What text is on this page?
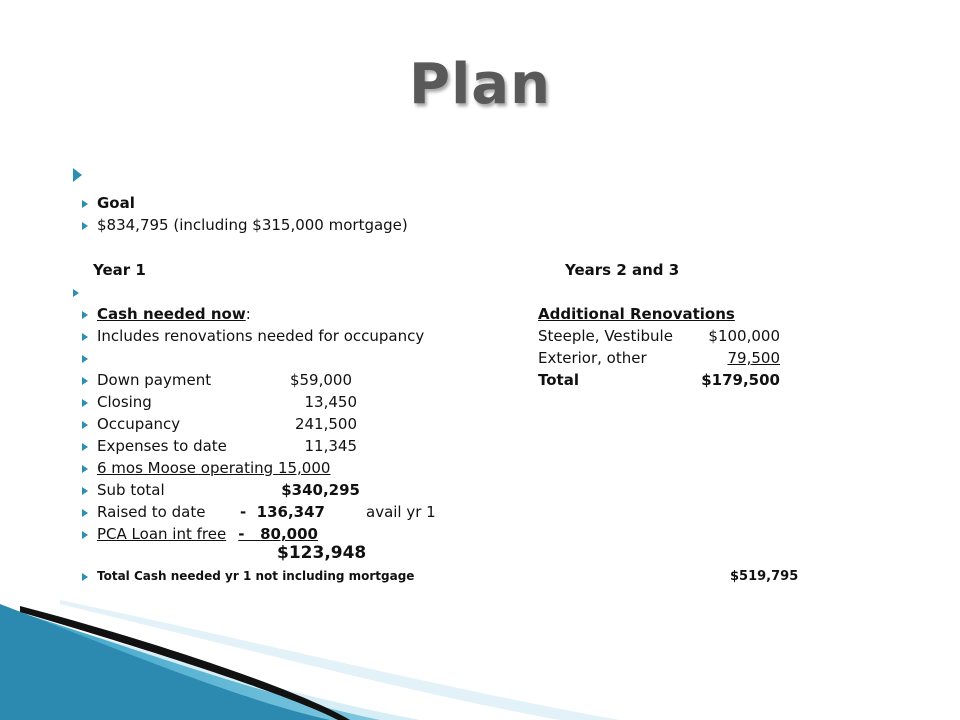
Plan
Goal
$834,795 (including $315,000 mortgage)
Year 1	Years 2 and 3
Cash needed now:
Includes renovations needed for occupancy
Down payment	$59,000
Closing	13,450
Occupancy	241,500
Expenses to date	11,345
6 mos Moose operating 15,000
Sub total	$340,295
Raised to date -  136,347	avail yr 1
PCA Loan int free -   80,000
$123,948
Additional Renovations
Steeple, Vestibule	$100,000
Exterior, other	79,500
Total	$179,500
Total Cash needed yr 1 not including mortgage	$519,795
